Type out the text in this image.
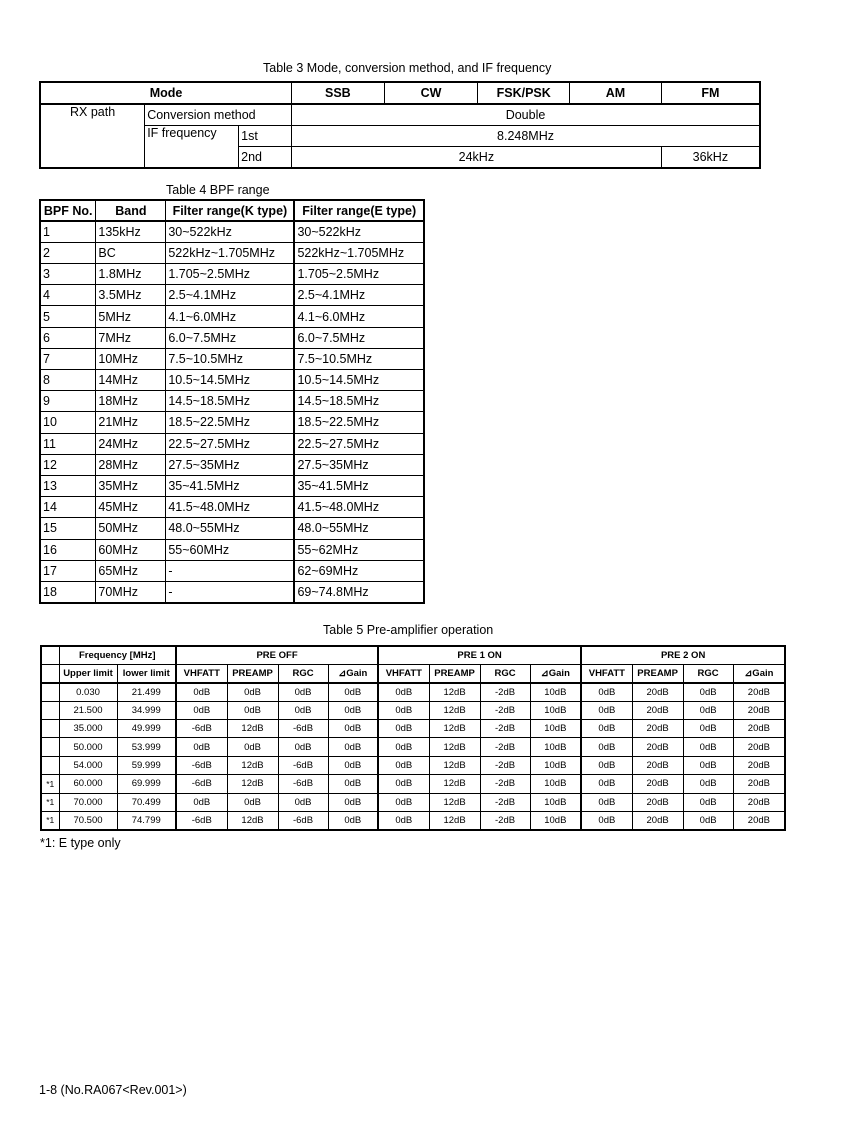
Table 3 Mode, conversion method, and IF frequency
Mode			SSB	CW	FSK/PSK	AM	FM
RX path	Conversion method		Double				
	IF frequency	1st	8.248MHz				
		2nd	24kHz				36kHz
Table 4 BPF range
BPF No.	Band	Filter range(K type)	Filter range(E type)
1	135kHz	30~522kHz	30~522kHz
2	BC	522kHz~1.705MHz	522kHz~1.705MHz
3	1.8MHz	1.705~2.5MHz	1.705~2.5MHz
4	3.5MHz	2.5~4.1MHz	2.5~4.1MHz
5	5MHz	4.1~6.0MHz	4.1~6.0MHz
6	7MHz	6.0~7.5MHz	6.0~7.5MHz
7	10MHz	7.5~10.5MHz	7.5~10.5MHz
8	14MHz	10.5~14.5MHz	10.5~14.5MHz
9	18MHz	14.5~18.5MHz	14.5~18.5MHz
10	21MHz	18.5~22.5MHz	18.5~22.5MHz
11	24MHz	22.5~27.5MHz	22.5~27.5MHz
12	28MHz	27.5~35MHz	27.5~35MHz
13	35MHz	35~41.5MHz	35~41.5MHz
14	45MHz	41.5~48.0MHz	41.5~48.0MHz
15	50MHz	48.0~55MHz	48.0~55MHz
16	60MHz	55~60MHz	55~62MHz
17	65MHz	-	62~69MHz
18	70MHz	-	69~74.8MHz
Table 5 Pre-amplifier operation
	Frequency [MHz]		PRE OFF				PRE 1 ON				PRE 2 ON			
	Upper limit	lower limit	VHFATT	PREAMP	RGC	⊿Gain	VHFATT	PREAMP	RGC	⊿Gain	VHFATT	PREAMP	RGC	⊿Gain
	0.030	21.499	0dB	0dB	0dB	0dB	0dB	12dB	-2dB	10dB	0dB	20dB	0dB	20dB
	21.500	34.999	0dB	0dB	0dB	0dB	0dB	12dB	-2dB	10dB	0dB	20dB	0dB	20dB
	35.000	49.999	-6dB	12dB	-6dB	0dB	0dB	12dB	-2dB	10dB	0dB	20dB	0dB	20dB
	50.000	53.999	0dB	0dB	0dB	0dB	0dB	12dB	-2dB	10dB	0dB	20dB	0dB	20dB
	54.000	59.999	-6dB	12dB	-6dB	0dB	0dB	12dB	-2dB	10dB	0dB	20dB	0dB	20dB
*1	60.000	69.999	-6dB	12dB	-6dB	0dB	0dB	12dB	-2dB	10dB	0dB	20dB	0dB	20dB
*1	70.000	70.499	0dB	0dB	0dB	0dB	0dB	12dB	-2dB	10dB	0dB	20dB	0dB	20dB
*1	70.500	74.799	-6dB	12dB	-6dB	0dB	0dB	12dB	-2dB	10dB	0dB	20dB	0dB	20dB
*1: E type only
1-8 (No.RA067<Rev.001>)
